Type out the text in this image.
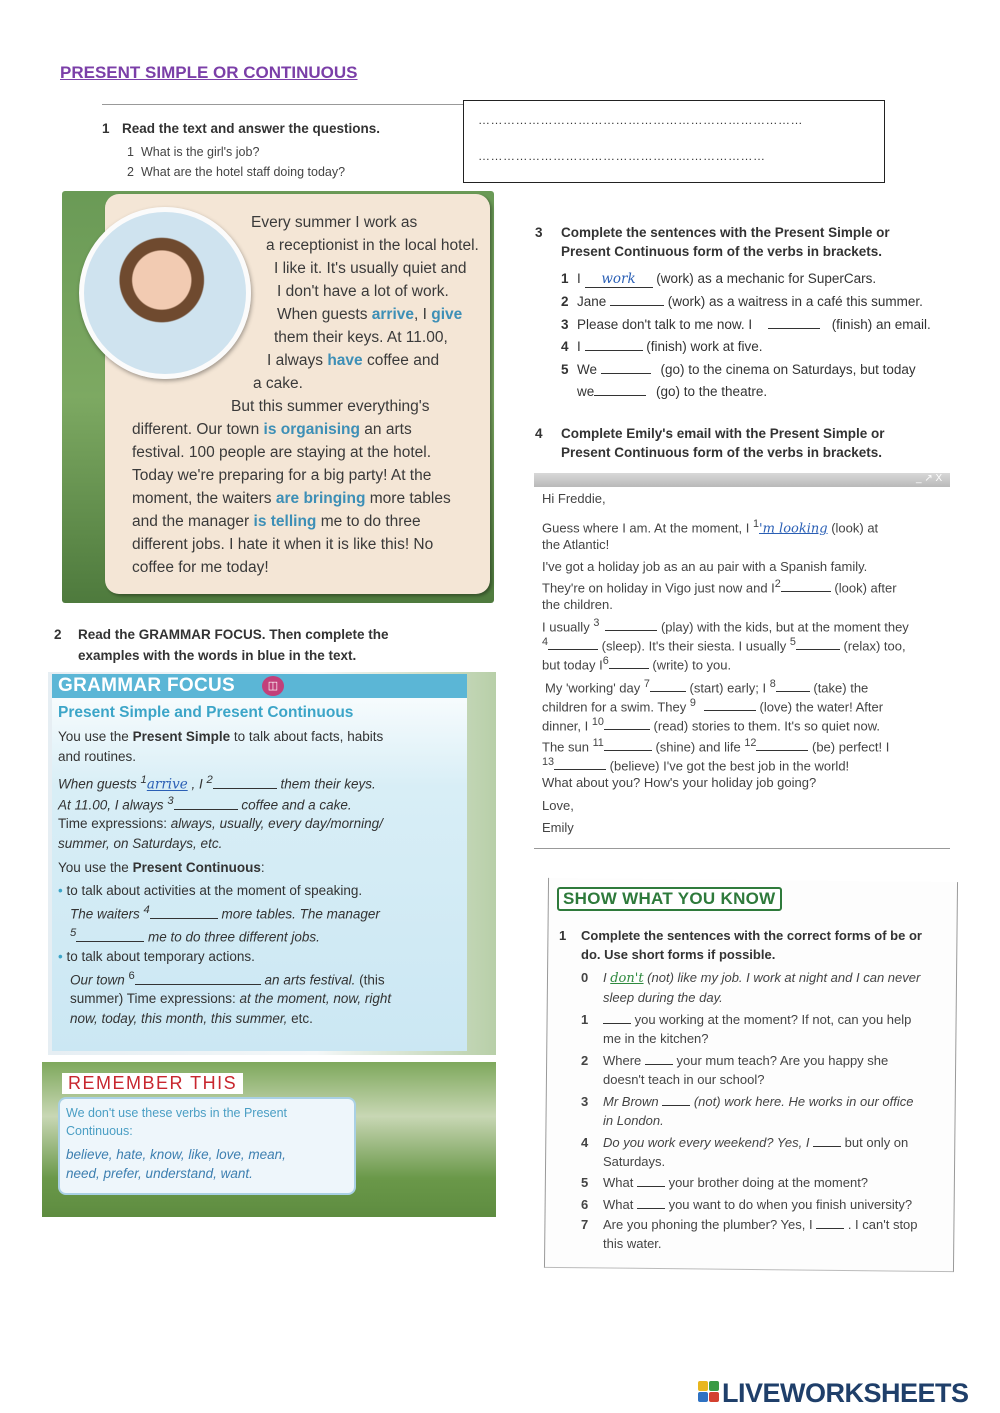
PRESENT SIMPLE OR CONTINUOUS
1 Read the text and answer the questions.
1 What is the girl's job?
2 What are the hotel staff doing today?
……………………………………………………………………
……………………………………………………………
Every summer I work as
a receptionist in the local hotel.
I like it. It's usually quiet and
I don't have a lot of work.
When guests arrive, I give
them their keys. At 11.00,
I always have coffee and
a cake.
But this summer everything's
different. Our town is organising an arts
festival. 100 people are staying at the hotel.
Today we're preparing for a big party! At the
moment, the waiters are bringing more tables
and the manager is telling me to do three
different jobs. I hate it when it is like this! No
coffee for me today!
2 Read the GRAMMAR FOCUS. Then complete the
examples with the words in blue in the text.
GRAMMAR FOCUS	◫
Present Simple and Present Continuous
You use the Present Simple to talk about facts, habits
and routines.
When guests $^1$arrive , I $^2$	them their keys.
At 11.00, I always $^3$	coffee and a cake.
Time expressions: always, usually, every day/morning/
summer, on Saturdays, etc.
You use the Present Continuous:
• to talk about activities at the moment of speaking.
The waiters $^4$	more tables. The manager
$^5$	me to do three different jobs.
• to talk about temporary actions.
Our town $^6$	an arts festival. (this
summer) Time expressions: at the moment, now, right
now, today, this month, this summer, etc.
REMEMBER THIS
We don't use these verbs in the Present
Continuous:
believe, hate, know, like, love, mean,
need, prefer, understand, want.
3 Complete the sentences with the Present Simple or
Present Continuous form of the verbs in brackets.
1 I work (work) as a mechanic for SuperCars.
2 Jane	(work) as a waitress in a café this summer.
3 Please don't talk to me now. I	(finish) an email.
4 I	(finish) work at five.
5 We	(go) to the cinema on Saturdays, but today
we	(go) to the theatre.
4 Complete Emily's email with the Present Simple or
Present Continuous form of the verbs in brackets.
_ ↗ X
Hi Freddie,
Guess where I am. At the moment, I $^1$'m looking (look) at
the Atlantic!
I've got a holiday job as an au pair with a Spanish family.
They're on holiday in Vigo just now and $I^2$	(look) after
the children.
I usually $^3$	(play) with the kids, but at the moment they
$^4$	(sleep). It's their siesta. I usually $^5$	(relax) too,
but today $I^6$	(write) to you.
My 'working' day $^7$	(start) early; I $^8$	(take) the
children for a swim. They $^9$	(love) the water! After
dinner, I $^{10}$	(read) stories to them. It's so quiet now.
The sun $^{11}$	(shine) and life $^{12}$	(be) perfect! I
$^{13}$	(believe) I've got the best job in the world!
What about you? How's your holiday job going?
Love,
Emily
SHOW WHAT YOU KNOW
1 Complete the sentences with the correct forms of be or
do. Use short forms if possible.
0 I don't (not) like my job. I work at night and I can never
sleep during the day.
1	you working at the moment? If not, can you help
me in the kitchen?
2 Where  your mum teach? Are you happy she
doesn't teach in our school?
3 Mr Brown  (not) work here. He works in our office
in London.
4 Do you work every weekend? Yes, I  but only on
Saturdays.
5 What  your brother doing at the moment?
6 What  you want to do when you finish university?
7 Are you phoning the plumber? Yes, I  . I can't stop
this water.
LIVEWORKSHEETS
